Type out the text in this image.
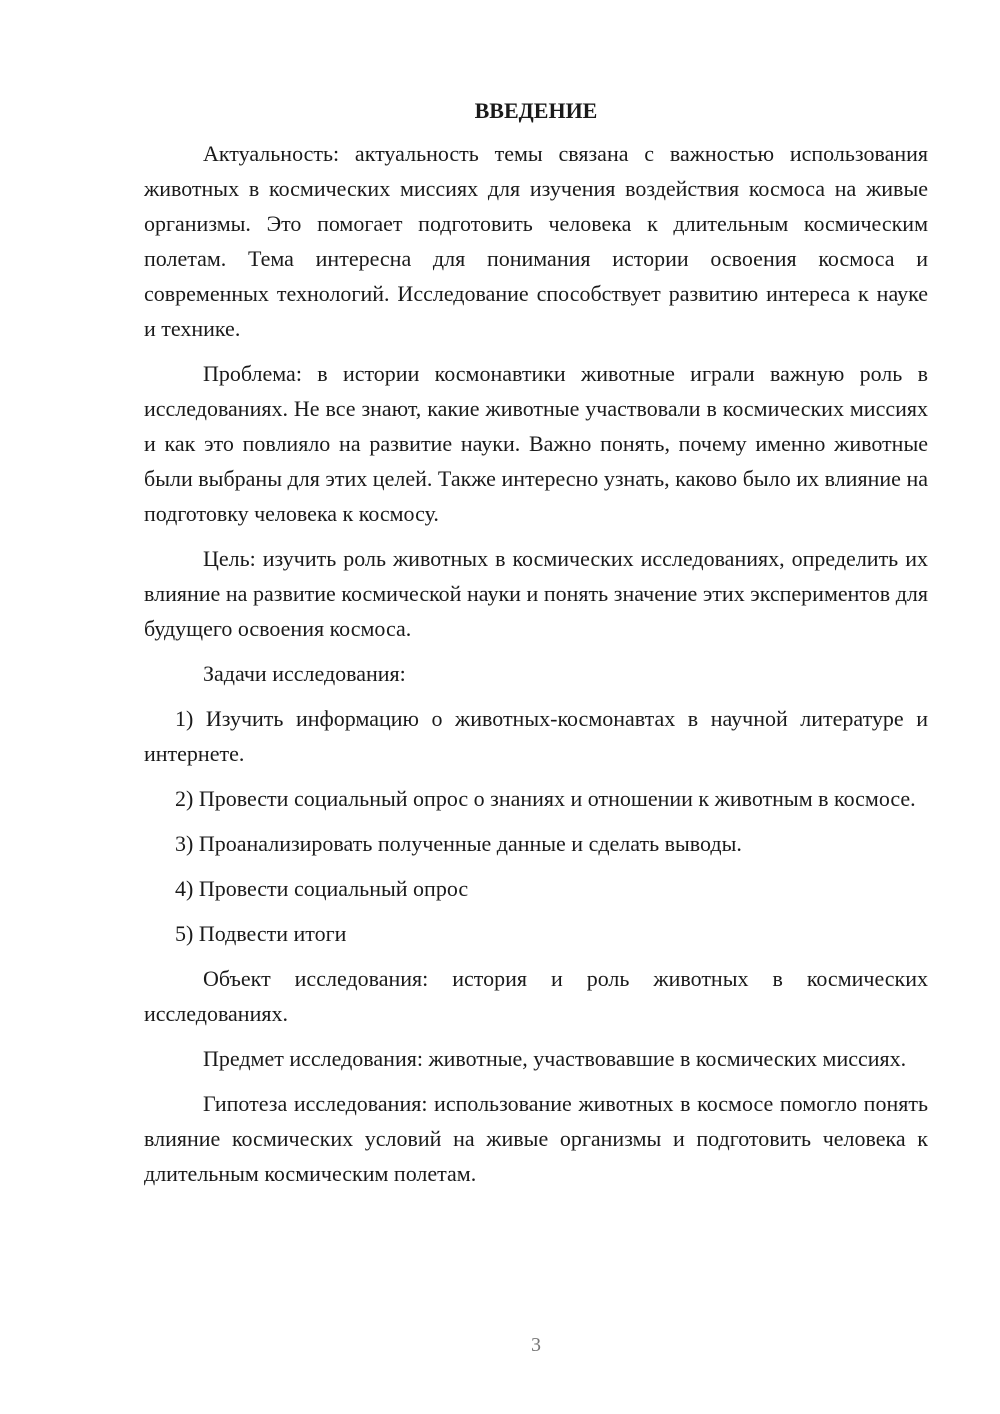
ВВЕДЕНИЕ

Актуальность: актуальность темы связана с важностью использования животных в космических миссиях для изучения воздействия космоса на живые организмы. Это помогает подготовить человека к длительным космическим полетам. Тема интересна для понимания истории освоения космоса и современных технологий. Исследование способствует развитию интереса к науке и технике.

Проблема: в истории космонавтики животные играли важную роль в исследованиях. Не все знают, какие животные участвовали в космических миссиях и как это повлияло на развитие науки. Важно понять, почему именно животные были выбраны для этих целей. Также интересно узнать, каково было их влияние на подготовку человека к космосу.

Цель: изучить роль животных в космических исследованиях, определить их влияние на развитие космической науки и понять значение этих экспериментов для будущего освоения космоса.

Задачи исследования:

1) Изучить информацию о животных-космонавтах в научной литературе и интернете.

2) Провести социальный опрос о знаниях и отношении к животным в космосе.

3) Проанализировать полученные данные и сделать выводы.

4) Провести социальный опрос

5) Подвести итоги

Объект исследования: история и роль животных в космических исследованиях.

Предмет исследования: животные, участвовавшие в космических миссиях.

Гипотеза исследования: использование животных в космосе помогло понять влияние космических условий на живые организмы и подготовить человека к длительным космическим полетам.

3
